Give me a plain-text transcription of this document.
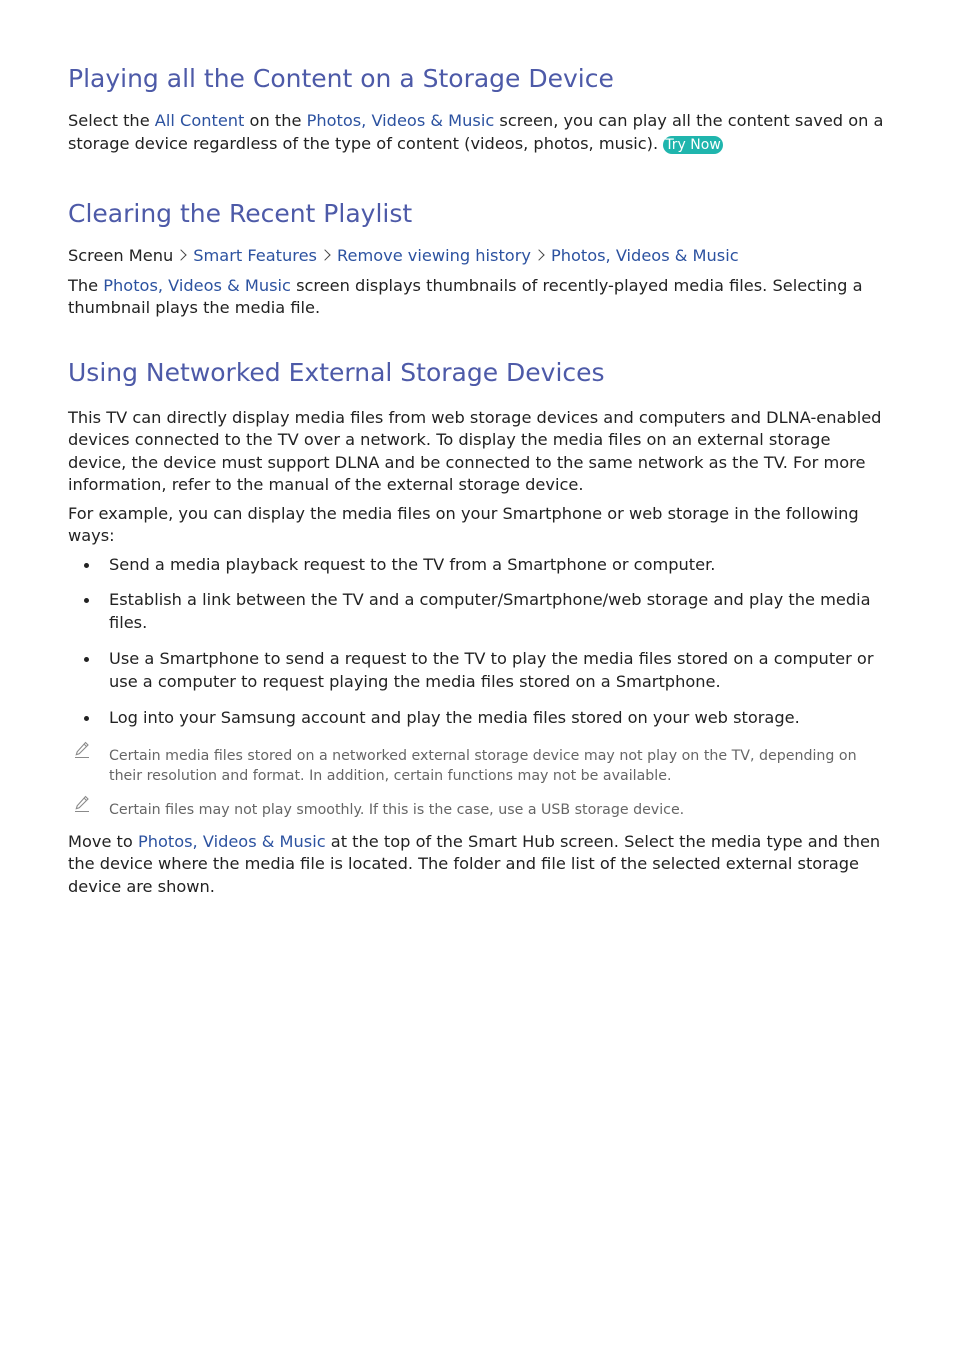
Playing all the Content on a Storage Device

Select the All Content on the Photos, Videos & Music screen, you can play all the content saved on a storage device regardless of the type of content (videos, photos, music). Try Now

Clearing the Recent Playlist

Screen Menu Smart Features Remove viewing history Photos, Videos & Music

The Photos, Videos & Music screen displays thumbnails of recently-played media files. Selecting a thumbnail plays the media file.

Using Networked External Storage Devices

This TV can directly display media files from web storage devices and computers and DLNA-enabled devices connected to the TV over a network. To display the media files on an external storage device, the device must support DLNA and be connected to the same network as the TV. For more information, refer to the manual of the external storage device.

For example, you can display the media files on your Smartphone or web storage in the following ways:

Send a media playback request to the TV from a Smartphone or computer.
Establish a link between the TV and a computer/Smartphone/web storage and play the media files.
Use a Smartphone to send a request to the TV to play the media files stored on a computer or use a computer to request playing the media files stored on a Smartphone.
Log into your Samsung account and play the media files stored on your web storage.
Certain media files stored on a networked external storage device may not play on the TV, depending on their resolution and format. In addition, certain functions may not be available.
Certain files may not play smoothly. If this is the case, use a USB storage device.

Move to Photos, Videos & Music at the top of the Smart Hub screen. Select the media type and then the device where the media file is located. The folder and file list of the selected external storage device are shown.
